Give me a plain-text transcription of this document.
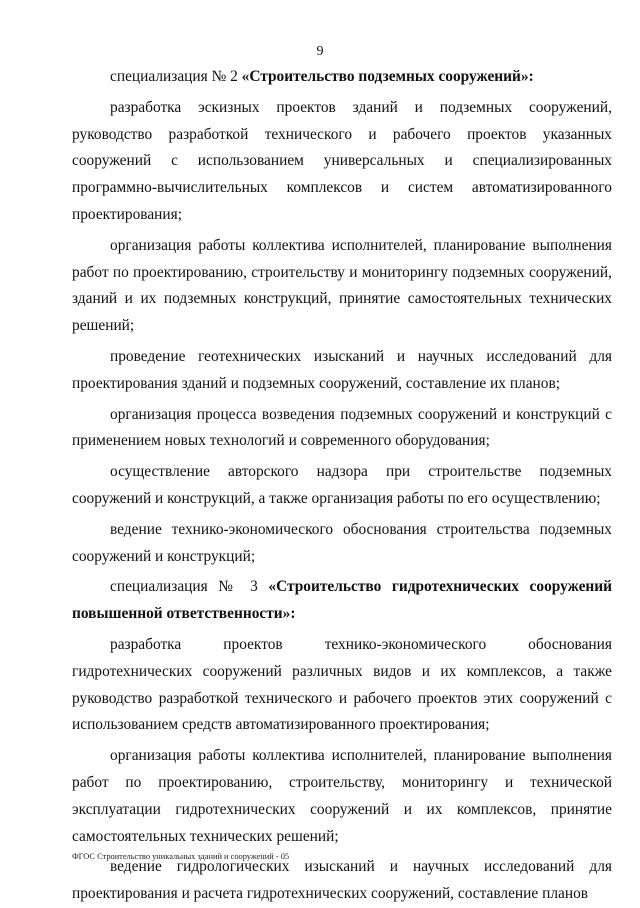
9

специализация № 2 «Строительство подземных сооружений»:

разработка эскизных проектов зданий и подземных сооружений, руководство разработкой технического и рабочего проектов указанных сооружений с использованием универсальных и специализированных программно-вычислительных комплексов и систем автоматизированного проектирования;

организация работы коллектива исполнителей, планирование выполнения работ по проектированию, строительству и мониторингу подземных сооружений, зданий и их подземных конструкций, принятие самостоятельных технических решений;

проведение геотехнических изысканий и научных исследований для проектирования зданий и подземных сооружений, составление их планов;

организация процесса возведения подземных сооружений и конструкций с применением новых технологий и современного оборудования;

осуществление авторского надзора при строительстве подземных сооружений и конструкций, а также организация работы по его осуществлению;

ведение технико-экономического обоснования строительства подземных сооружений и конструкций;

специализация № 3 «Строительство гидротехнических сооружений повышенной ответственности»:

разработка проектов технико-экономического обоснования гидротехнических сооружений различных видов и их комплексов, а также руководство разработкой технического и рабочего проектов этих сооружений с использованием средств автоматизированного проектирования;

организация работы коллектива исполнителей, планирование выполнения работ по проектированию, строительству, мониторингу и технической эксплуатации гидротехнических сооружений и их комплексов, принятие самостоятельных технических решений;

ведение гидрологических изысканий и научных исследований для проектирования и расчета гидротехнических сооружений, составление планов

ФГОС Строительство уникальных зданий и сооружений - 05
